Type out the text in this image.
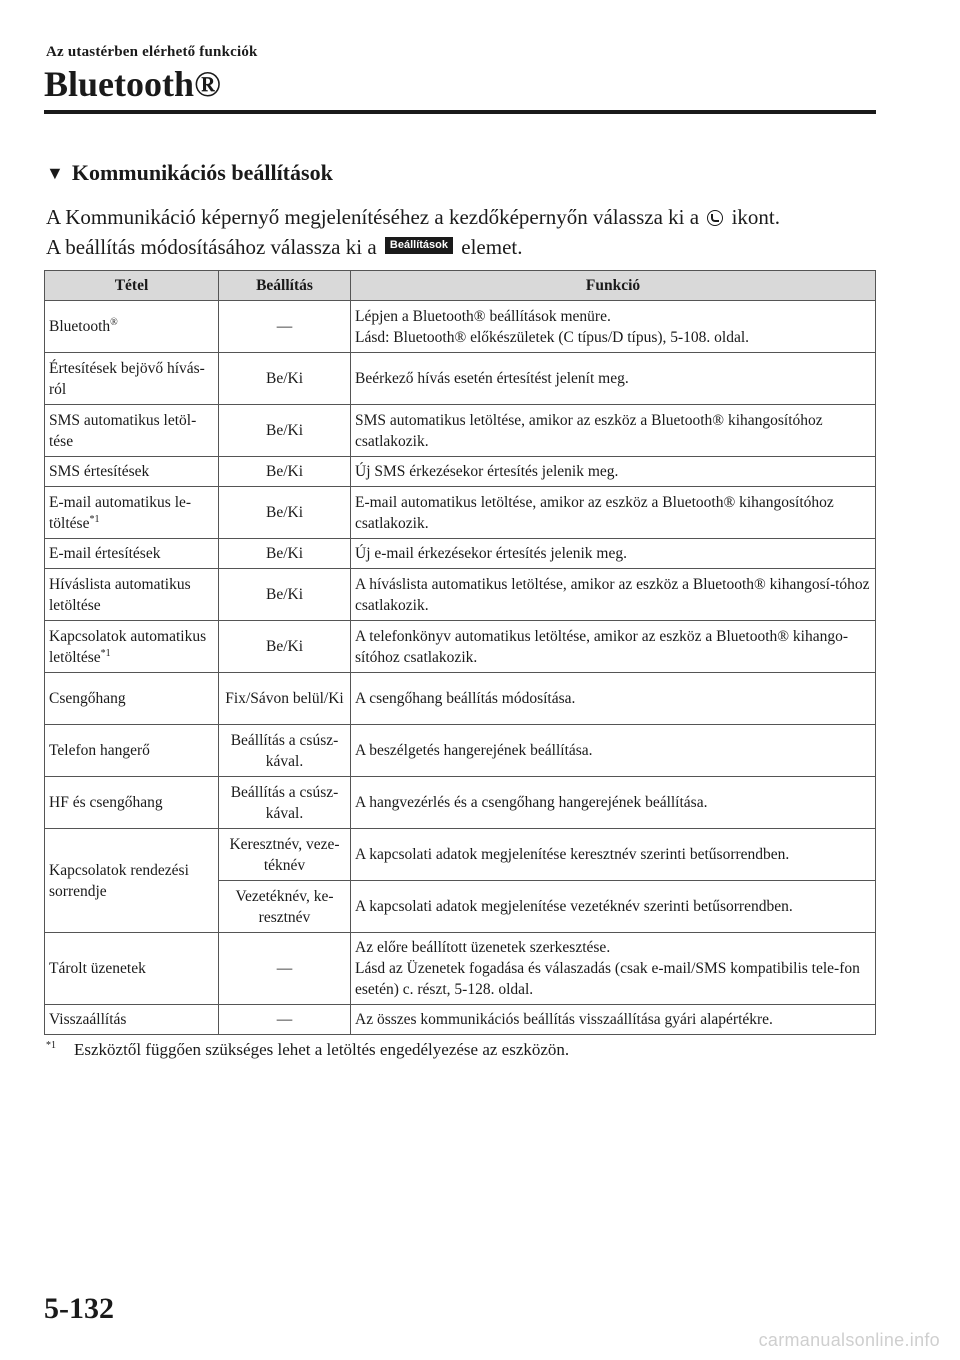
Az utastérben elérhető funkciók
Bluetooth®
▼ Kommunikációs beállítások
A Kommunikáció képernyő megjelenítéséhez a kezdőképernyőn válassza ki a ikont.
A beállítás módosításához válassza ki a Beállítások elemet.
Tétel	Beállítás	Funkció
Bluetooth®	—	Lépjen a Bluetooth® beállítások menüre.
Lásd: Bluetooth® előkészületek (C típus/D típus), 5-108. oldal.

Értesítések bejövő hívás-ról	Be/Ki	Beérkező hívás esetén értesítést jelenít meg.

SMS automatikus letöl-tése	Be/Ki	SMS automatikus letöltése, amikor az eszköz a Bluetooth® kihangosítóhoz csatlakozik.

SMS értesítések	Be/Ki	Új SMS érkezésekor értesítés jelenik meg.

E-mail automatikus le-töltése$^{*1}$	Be/Ki	E-mail automatikus letöltése, amikor az eszköz a Bluetooth® kihangosítóhoz csatlakozik.

E-mail értesítések	Be/Ki	Új e-mail érkezésekor értesítés jelenik meg.

Híváslista automatikus letöltése	Be/Ki	A híváslista automatikus letöltése, amikor az eszköz a Bluetooth® kihangosí-tóhoz csatlakozik.

Kapcsolatok automatikus letöltése$^{*1}$	Be/Ki	A telefonkönyv automatikus letöltése, amikor az eszköz a Bluetooth® kihango-sítóhoz csatlakozik.

Csengőhang	Fix/Sávon belül/Ki	A csengőhang beállítás módosítása.

Telefon hangerő	Beállítás a csúsz-kával.	A beszélgetés hangerejének beállítása.

HF és csengőhang	Beállítás a csúsz-kával.	A hangvezérlés és a csengőhang hangerejének beállítása.

Kapcsolatok rendezési sorrendje	Keresztnév, veze-téknév	A kapcsolati adatok megjelenítése keresztnév szerinti betűsorrendben.

	Vezetéknév, ke-resztnév	A kapcsolati adatok megjelenítése vezetéknév szerinti betűsorrendben.

Tárolt üzenetek	—	Az előre beállított üzenetek szerkesztése.
Lásd az Üzenetek fogadása és válaszadás (csak e-mail/SMS kompatibilis tele-fon esetén) c. részt, 5-128. oldal.

Visszaállítás	—	Az összes kommunikációs beállítás visszaállítása gyári alapértékre.
$^{*1}$ Eszköztől függően szükséges lehet a letöltés engedélyezése az eszközön.
5-132
carmanualsonline.info
